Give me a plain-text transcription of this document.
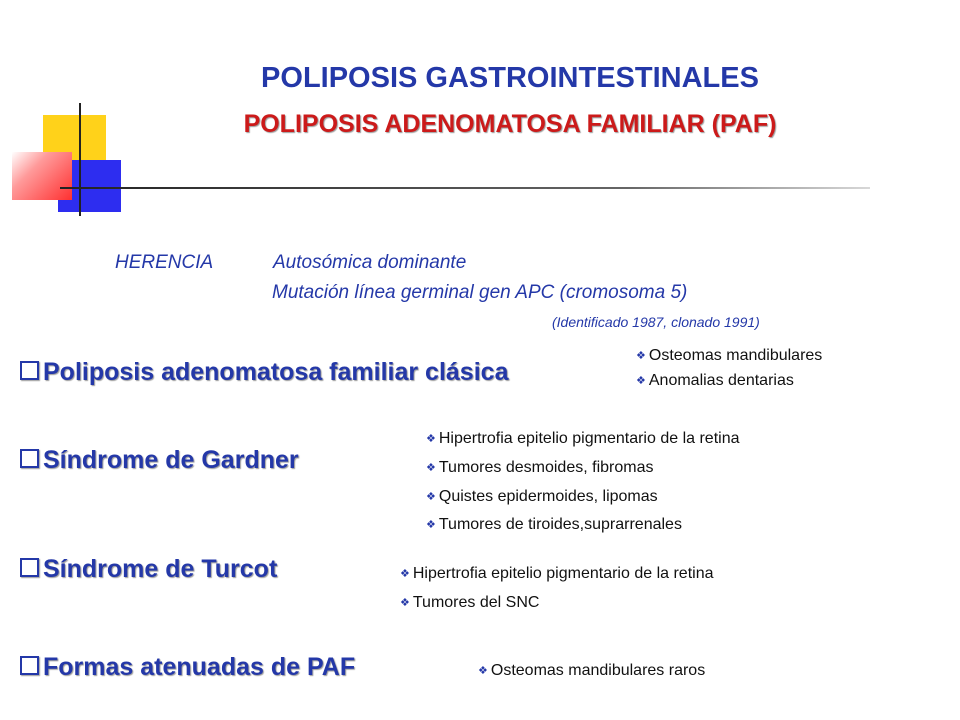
POLIPOSIS GASTROINTESTINALES
POLIPOSIS ADENOMATOSA FAMILIAR (PAF)
HERENCIA	Autosómica dominante
Mutación línea germinal gen APC (cromosoma 5)
(Identificado 1987, clonado 1991)
Poliposis adenomatosa familiar clásica
❖ Osteomas mandibulares
❖ Anomalias dentarias
Síndrome de Gardner
❖ Hipertrofia epitelio pigmentario de la retina
❖ Tumores desmoides, fibromas
❖ Quistes epidermoides, lipomas
❖ Tumores de tiroides,suprarrenales
Síndrome de Turcot	❖ Hipertrofia epitelio pigmentario de la retina
❖ Tumores del SNC
Formas atenuadas de PAF	❖ Osteomas mandibulares raros
